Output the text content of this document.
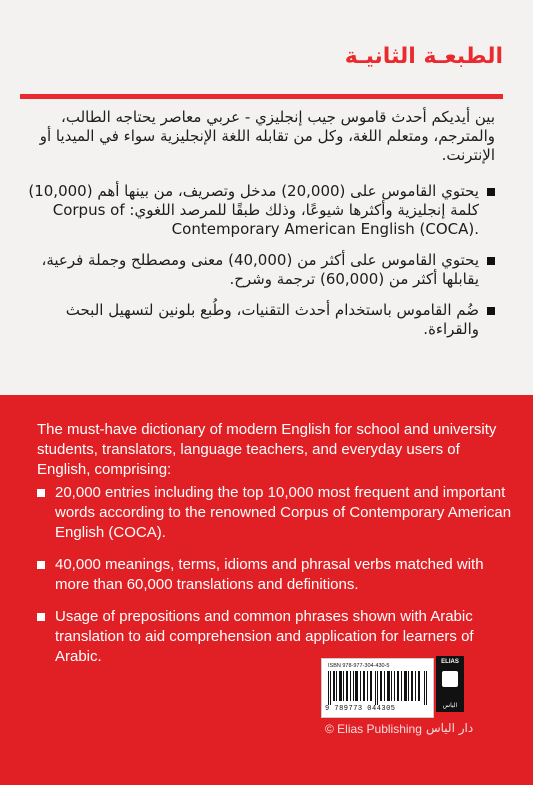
الطبعـة الثانيـة
بين أيديكم أحدث قاموس جيب إنجليزي - عربي معاصر يحتاجه الطالب، والمترجم، ومتعلم اللغة، وكل من تقابله اللغة الإنجليزية سواء في الميديا أو الإنترنت.
يحتوي القاموس على (20,000) مدخل وتصريف، من بينها أهم (10,000) كلمة إنجليزية وأكثرها شيوعًا، وذلك طبقًا للمرصد اللغوي: Corpus of Contemporary American English (COCA).
يحتوي القاموس على أكثر من (40,000) معنى ومصطلح وجملة فرعية، يقابلها أكثر من (60,000) ترجمة وشرح.
ضُم القاموس باستخدام أحدث التقنيات، وطُبع بلونين لتسهيل البحث والقراءة.
The must-have dictionary of modern English for school and university students, translators, language teachers, and everyday users of English, comprising:
20,000 entries including the top 10,000 most frequent and important words according to the renowned Corpus of Contemporary American English (COCA).
40,000 meanings, terms, idioms and phrasal verbs matched with more than 60,000 translations and definitions.
Usage of prepositions and common phrases shown with Arabic translation to aid comprehension and application for learners of Arabic.
ISBN 978-977-304-430-5
9 789773 044305
ELIAS
الياس
© Elias Publishing دار الياس
